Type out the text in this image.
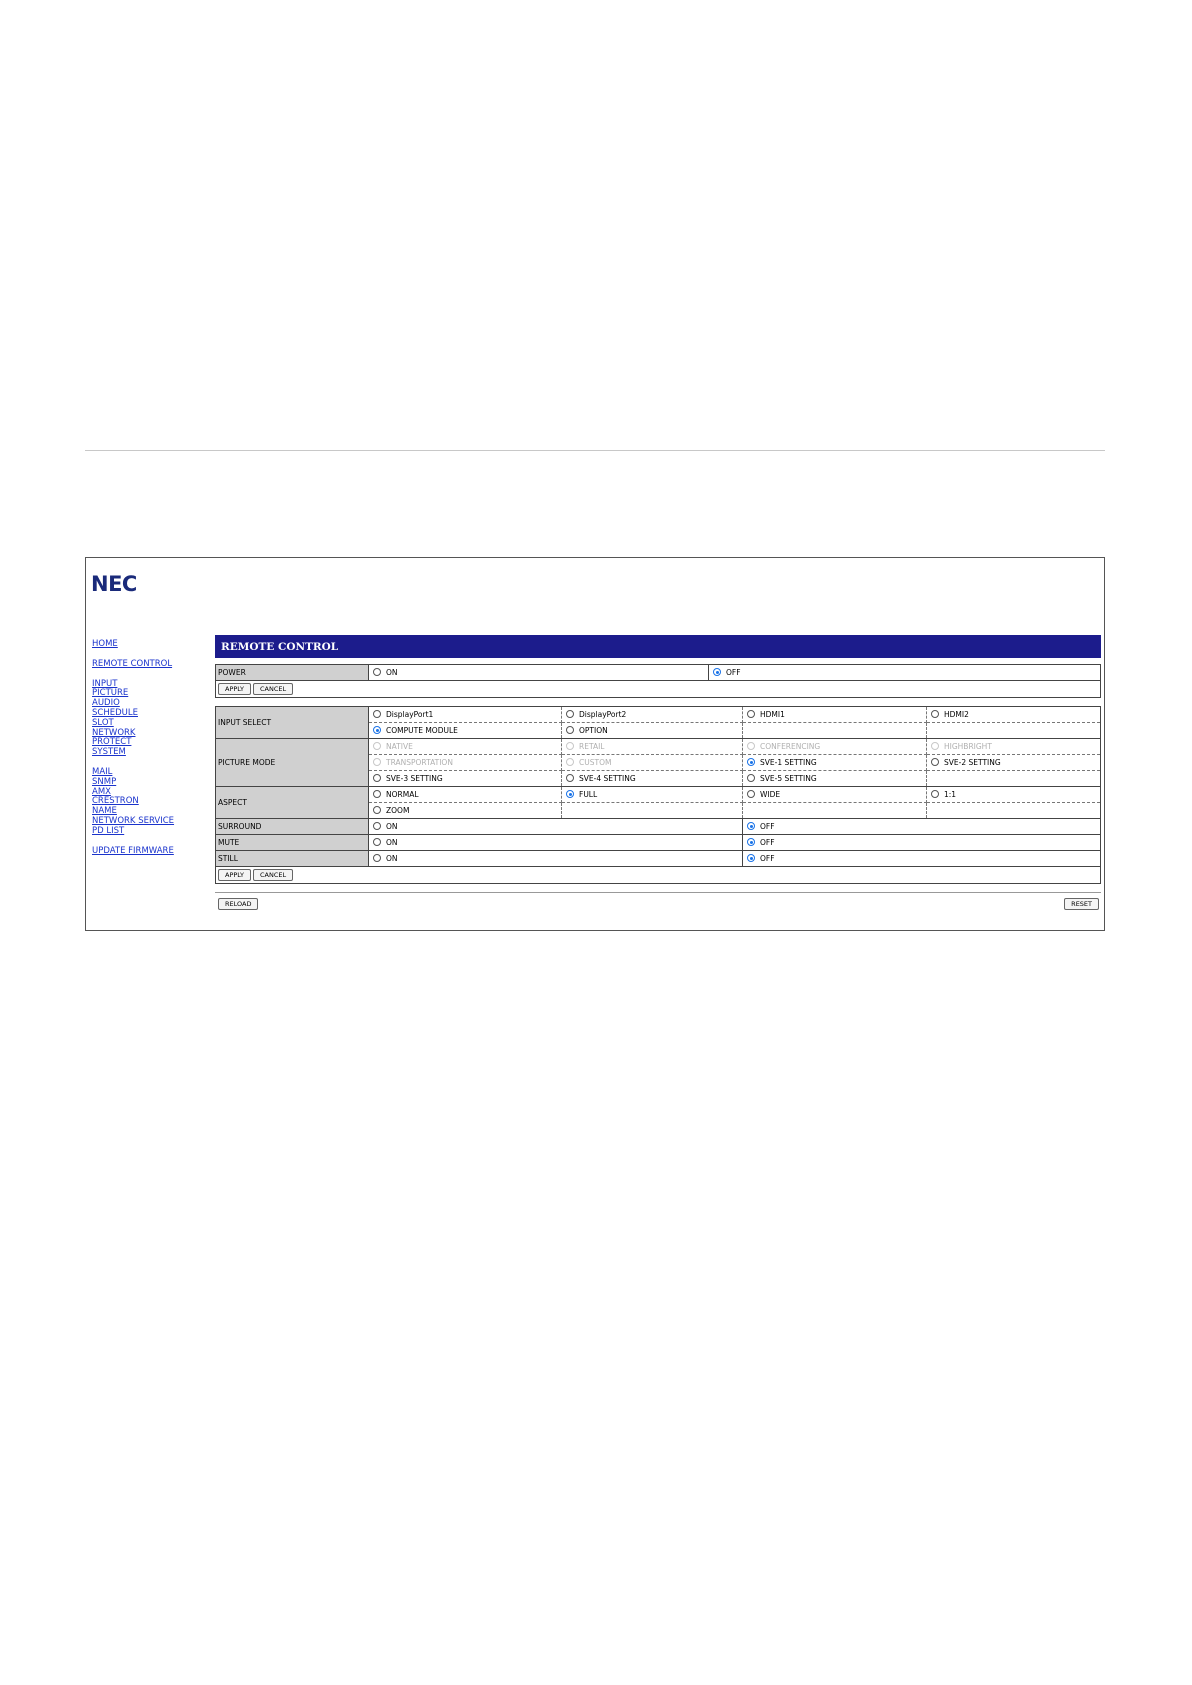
NEC
HOME
REMOTE CONTROL
INPUT
PICTURE
AUDIO
SCHEDULE
SLOT
NETWORK
PROTECT
SYSTEM
MAIL
SNMP
AMX
CRESTRON
NAME
NETWORK SERVICE
PD LIST
UPDATE FIRMWARE
REMOTE CONTROL
POWER	ON	OFF
APPLY CANCEL
INPUT SELECT	DisplayPort1	DisplayPort2	HDMI1	HDMI2
	COMPUTE MODULE	OPTION		
PICTURE MODE	NATIVE	RETAIL	CONFERENCING	HIGHBRIGHT
	TRANSPORTATION	CUSTOM	SVE-1 SETTING	SVE-2 SETTING
	SVE-3 SETTING	SVE-4 SETTING	SVE-5 SETTING	
ASPECT	NORMAL	FULL	WIDE	1:1
	ZOOM			
SURROUND	ON		OFF	
MUTE	ON		OFF	
STILL	ON		OFF	
APPLY CANCEL				
RELOAD	RESET
